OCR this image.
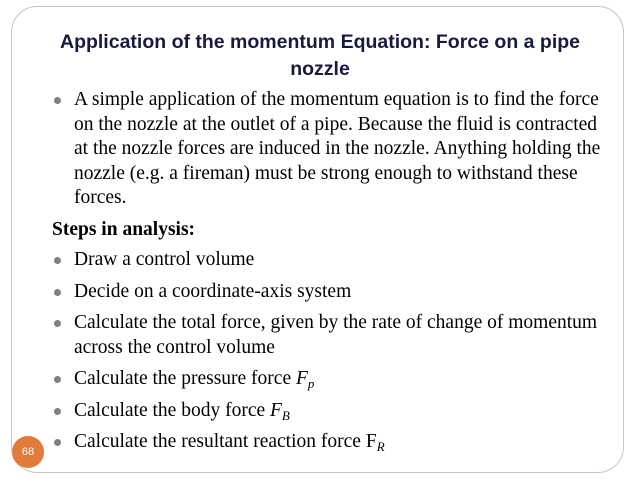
Application of the momentum Equation: Force on a pipe nozzle
A simple application of the momentum equation is to find the force on the nozzle at the outlet of a pipe. Because the fluid is contracted at the nozzle forces are induced in the nozzle. Anything holding the nozzle (e.g. a fireman) must be strong enough to withstand these forces.
Steps in analysis:
Draw a control volume
Decide on a coordinate-axis system
Calculate the total force, given by the rate of change of momentum across the control volume
Calculate the pressure force $F_p$
Calculate the body force $F_B$
Calculate the resultant reaction force $F_R$
68
